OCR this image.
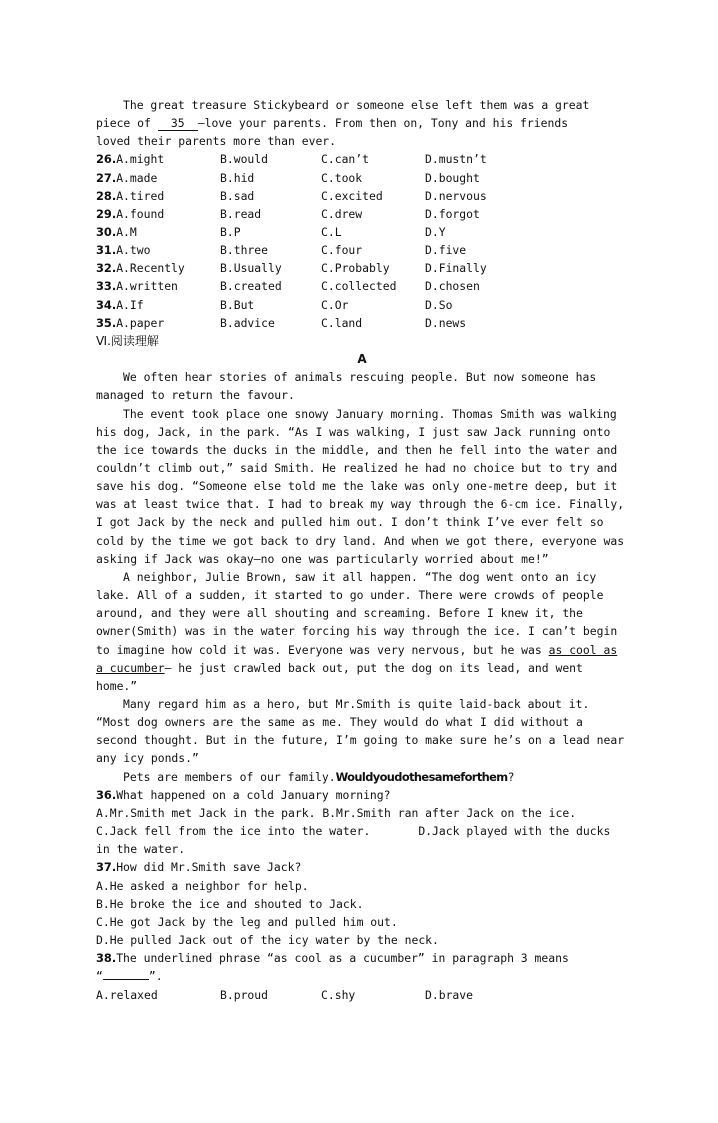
The great treasure Stickybeard or someone else left them was a great

piece of 35 —love your parents. From then on, Tony and his friends

loved their parents more than ever.

26.A.might	B.would	C.can’t	D.mustn’t
27.A.made	B.hid	C.took	D.bought
28.A.tired	B.sad	C.excited	D.nervous
29.A.found	B.read	C.drew	D.forgot
30.A.M	B.P	C.L	D.Y
31.A.two	B.three	C.four	D.five
32.A.Recently	B.Usually	C.Probably	D.Finally
33.A.written	B.created	C.collected	D.chosen
34.A.If	B.But	C.Or	D.So
35.A.paper	B.advice	C.land	D.news

Ⅵ.阅读理解

A

We often hear stories of animals rescuing people. But now someone has managed to return the favour.

The event took place one snowy January morning. Thomas Smith was walking his dog, Jack, in the park. “As I was walking, I just saw Jack running onto the ice towards the ducks in the middle, and then he fell into the water and couldn’t climb out,” said Smith. He realized he had no choice but to try and save his dog. “Someone else told me the lake was only one-metre deep, but it was at least twice that. I had to break my way through the 6-cm ice. Finally, I got Jack by the neck and pulled him out. I don’t think I’ve ever felt so cold by the time we got back to dry land. And when we got there, everyone was asking if Jack was okay—no one was particularly worried about me!”

A neighbor, Julie Brown, saw it all happen. “The dog went onto an icy lake. All of a sudden, it started to go under. There were crowds of people around, and they were all shouting and screaming. Before I knew it, the owner(Smith) was in the water forcing his way through the ice. I can’t begin to imagine how cold it was. Everyone was very nervous, but he was as cool as a cucumber— he just crawled back out, put the dog on its lead, and went home.”

Many regard him as a hero, but Mr.Smith is quite laid-back about it. “Most dog owners are the same as me. They would do what I did without a second thought. But in the future, I’m going to make sure he’s on a lead near any icy ponds.”

Pets are members of our family.Wouldyoudothesameforthem?

36.What happened on a cold January morning?

A.Mr.Smith met Jack in the park. B.Mr.Smith ran after Jack on the ice.

C.Jack fell from the ice into the water.	D.Jack played with the ducks in the water.

37.How did Mr.Smith save Jack?

A.He asked a neighbor for help.

B.He broke the ice and shouted to Jack.

C.He got Jack by the leg and pulled him out.

D.He pulled Jack out of the icy water by the neck.

38.The underlined phrase “as cool as a cucumber” in paragraph 3 means

“	”.

A.relaxed	B.proud	C.shy	D.brave
